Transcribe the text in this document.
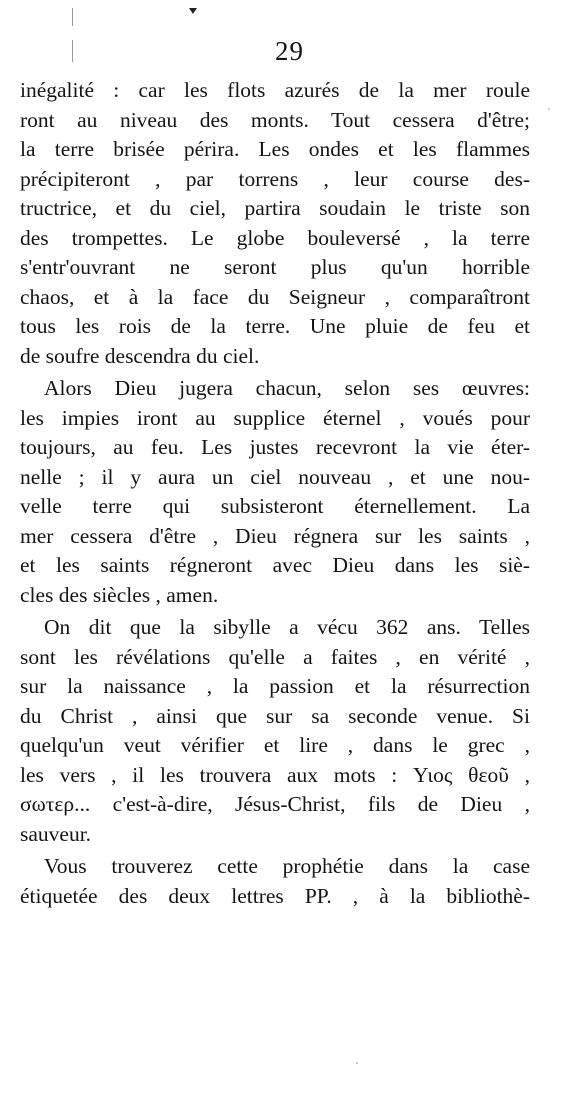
29
inégalité : car les flots azurés de la mer roule
ront au niveau des monts. Tout cessera d'être;
la terre brisée périra. Les ondes et les flammes
précipiteront , par torrens , leur course des-
tructrice, et du ciel, partira soudain le triste son
des trompettes. Le globe bouleversé , la terre
s'entr'ouvrant ne seront plus qu'un horrible
chaos, et à la face du Seigneur , comparaîtront
tous les rois de la terre. Une pluie de feu et
de soufre descendra du ciel.
Alors Dieu jugera chacun, selon ses œuvres:
les impies iront au supplice éternel , voués pour
toujours, au feu. Les justes recevront la vie éter-
nelle ; il y aura un ciel nouveau , et une nou-
velle terre qui subsisteront éternellement. La
mer cessera d'être , Dieu régnera sur les saints ,
et les saints régneront avec Dieu dans les siè-
cles des siècles , amen.
On dit que la sibylle a vécu 362 ans. Telles
sont les révélations qu'elle a faites , en vérité ,
sur la naissance , la passion et la résurrection
du Christ , ainsi que sur sa seconde venue. Si
quelqu'un veut vérifier et lire , dans le grec ,
les vers , il les trouvera aux mots : Υιος θεοῦ ,
σωτερ... c'est-à-dire, Jésus-Christ, fils de Dieu ,
sauveur.
Vous trouverez cette prophétie dans la case
étiquetée des deux lettres PP. , à la bibliothè-
